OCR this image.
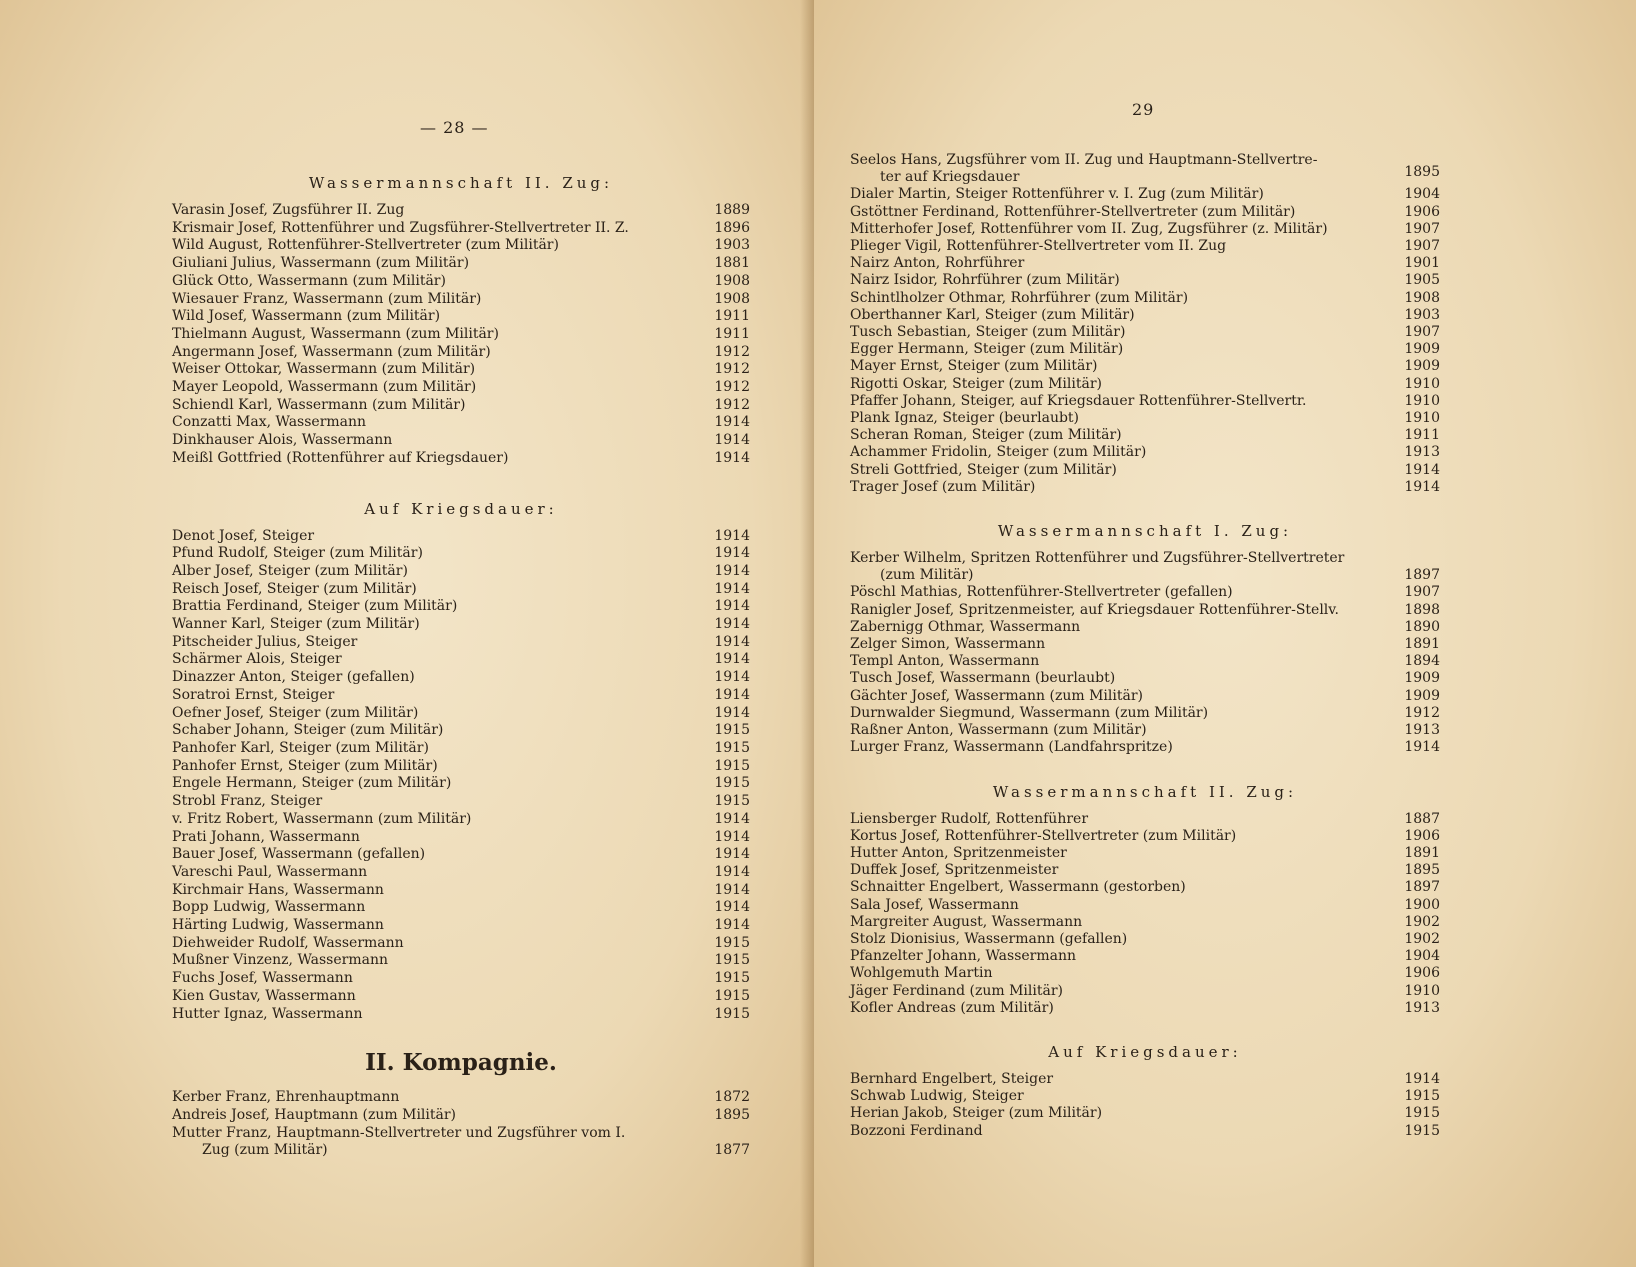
— 28 —
Wassermannschaft II. Zug:
Varasin Josef, Zugsführer II. Zug	1889
Krismair Josef, Rottenführer und Zugsführer-Stellvertreter II. Z.	1896
Wild August, Rottenführer-Stellvertreter (zum Militär)	1903
Giuliani Julius, Wassermann (zum Militär)	1881
Glück Otto, Wassermann (zum Militär)	1908
Wiesauer Franz, Wassermann (zum Militär)	1908
Wild Josef, Wassermann (zum Militär)	1911
Thielmann August, Wassermann (zum Militär)	1911
Angermann Josef, Wassermann (zum Militär)	1912
Weiser Ottokar, Wassermann (zum Militär)	1912
Mayer Leopold, Wassermann (zum Militär)	1912
Schiendl Karl, Wassermann (zum Militär)	1912
Conzatti Max, Wassermann	1914
Dinkhauser Alois, Wassermann	1914
Meißl Gottfried (Rottenführer auf Kriegsdauer)	1914
Auf Kriegsdauer:
Denot Josef, Steiger	1914
Pfund Rudolf, Steiger (zum Militär)	1914
Alber Josef, Steiger (zum Militär)	1914
Reisch Josef, Steiger (zum Militär)	1914
Brattia Ferdinand, Steiger (zum Militär)	1914
Wanner Karl, Steiger (zum Militär)	1914
Pitscheider Julius, Steiger	1914
Schärmer Alois, Steiger	1914
Dinazzer Anton, Steiger (gefallen)	1914
Soratroi Ernst, Steiger	1914
Oefner Josef, Steiger (zum Militär)	1914
Schaber Johann, Steiger (zum Militär)	1915
Panhofer Karl, Steiger (zum Militär)	1915
Panhofer Ernst, Steiger (zum Militär)	1915
Engele Hermann, Steiger (zum Militär)	1915
Strobl Franz, Steiger	1915
v. Fritz Robert, Wassermann (zum Militär)	1914
Prati Johann, Wassermann	1914
Bauer Josef, Wassermann (gefallen)	1914
Vareschi Paul, Wassermann	1914
Kirchmair Hans, Wassermann	1914
Bopp Ludwig, Wassermann	1914
Härting Ludwig, Wassermann	1914
Diehweider Rudolf, Wassermann	1915
Mußner Vinzenz, Wassermann	1915
Fuchs Josef, Wassermann	1915
Kien Gustav, Wassermann	1915
Hutter Ignaz, Wassermann	1915
II. Kompagnie.
Kerber Franz, Ehrenhauptmann	1872
Andreis Josef, Hauptmann (zum Militär)	1895
Mutter Franz, Hauptmann-Stellvertreter und Zugsführer vom I.
Zug (zum Militär)	1877
29
Seelos Hans, Zugsführer vom II. Zug und Hauptmann-Stellvertre-
ter auf Kriegsdauer	1895
Dialer Martin, Steiger Rottenführer v. I. Zug (zum Militär)	1904
Gstöttner Ferdinand, Rottenführer-Stellvertreter (zum Militär)	1906
Mitterhofer Josef, Rottenführer vom II. Zug, Zugsführer (z. Militär)	1907
Plieger Vigil, Rottenführer-Stellvertreter vom II. Zug	1907
Nairz Anton, Rohrführer	1901
Nairz Isidor, Rohrführer (zum Militär)	1905
Schintlholzer Othmar, Rohrführer (zum Militär)	1908
Oberthanner Karl, Steiger (zum Militär)	1903
Tusch Sebastian, Steiger (zum Militär)	1907
Egger Hermann, Steiger (zum Militär)	1909
Mayer Ernst, Steiger (zum Militär)	1909
Rigotti Oskar, Steiger (zum Militär)	1910
Pfaffer Johann, Steiger, auf Kriegsdauer Rottenführer-Stellvertr.	1910
Plank Ignaz, Steiger (beurlaubt)	1910
Scheran Roman, Steiger (zum Militär)	1911
Achammer Fridolin, Steiger (zum Militär)	1913
Streli Gottfried, Steiger (zum Militär)	1914
Trager Josef (zum Militär)	1914
Wassermannschaft I. Zug:
Kerber Wilhelm, Spritzen Rottenführer und Zugsführer-Stellvertreter
(zum Militär)	1897
Pöschl Mathias, Rottenführer-Stellvertreter (gefallen)	1907
Ranigler Josef, Spritzenmeister, auf Kriegsdauer Rottenführer-Stellv.	1898
Zabernigg Othmar, Wassermann	1890
Zelger Simon, Wassermann	1891
Templ Anton, Wassermann	1894
Tusch Josef, Wassermann (beurlaubt)	1909
Gächter Josef, Wassermann (zum Militär)	1909
Durnwalder Siegmund, Wassermann (zum Militär)	1912
Raßner Anton, Wassermann (zum Militär)	1913
Lurger Franz, Wassermann (Landfahrspritze)	1914
Wassermannschaft II. Zug:
Liensberger Rudolf, Rottenführer	1887
Kortus Josef, Rottenführer-Stellvertreter (zum Militär)	1906
Hutter Anton, Spritzenmeister	1891
Duffek Josef, Spritzenmeister	1895
Schnaitter Engelbert, Wassermann (gestorben)	1897
Sala Josef, Wassermann	1900
Margreiter August, Wassermann	1902
Stolz Dionisius, Wassermann (gefallen)	1902
Pfanzelter Johann, Wassermann	1904
Wohlgemuth Martin	1906
Jäger Ferdinand (zum Militär)	1910
Kofler Andreas (zum Militär)	1913
Auf Kriegsdauer:
Bernhard Engelbert, Steiger	1914
Schwab Ludwig, Steiger	1915
Herian Jakob, Steiger (zum Militär)	1915
Bozzoni Ferdinand	1915
